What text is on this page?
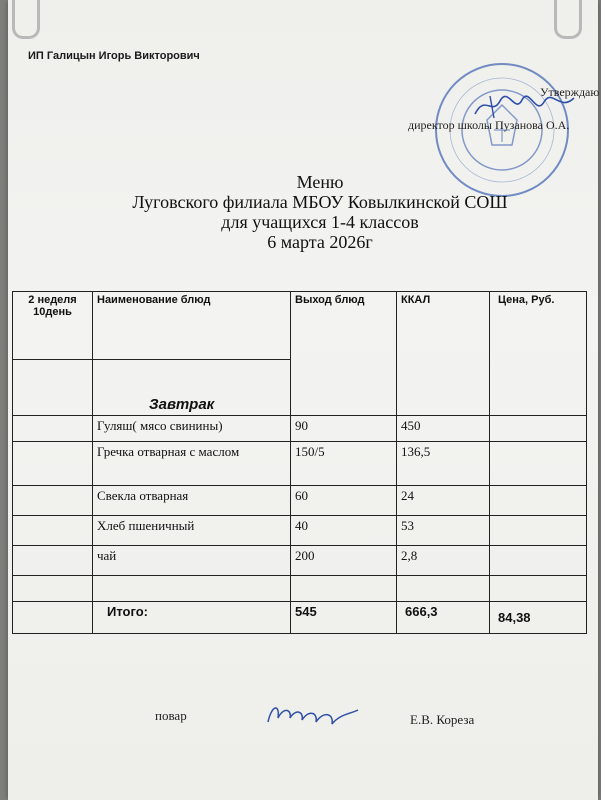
ИП Галицын Игорь Викторович
Утверждаю
директор школы Пузанова О.А.
Меню
Луговского филиала МБОУ Ковылкинской СОШ
для учащихся 1-4 классов
6 марта 2026г
2 неделя
10день	Наименование блюд	Выход блюд	ККАЛ	Цена, Руб.
	Завтрак			
	Гуляш( мясо свинины)	90	450	
	Гречка отварная с маслом	150/5	136,5	
	Свекла отварная	60	24	
	Хлеб пшеничный	40	53	
	чай	200	2,8	

	Итого:	545	666,3	84,38
повар	Е.В. Кореза
